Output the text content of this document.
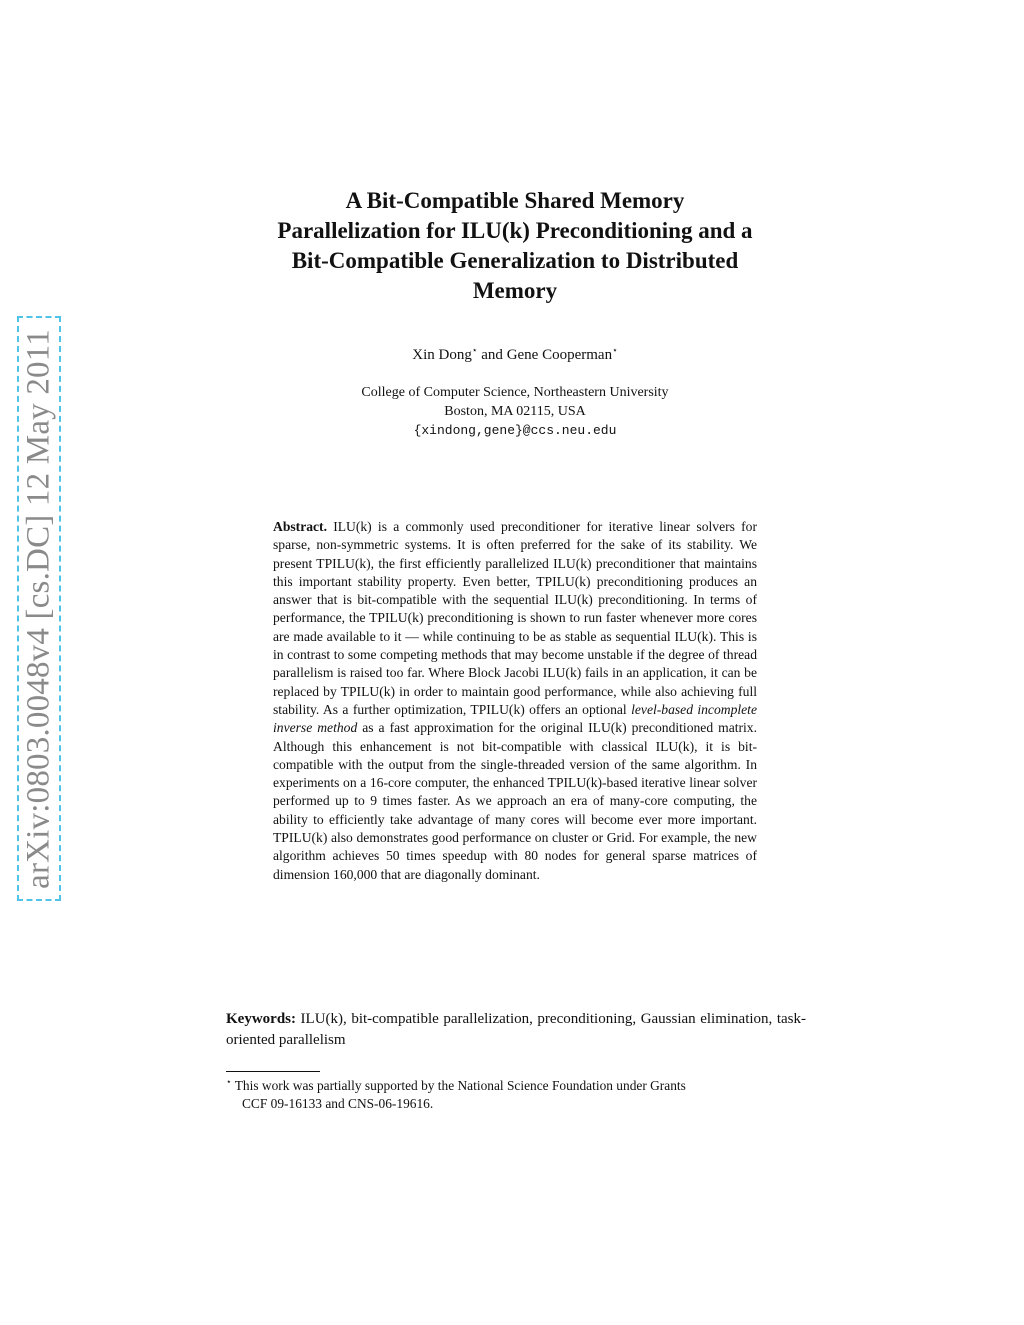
arXiv:0803.0048v4 [cs.DC] 12 May 2011
A Bit-Compatible Shared Memory
Parallelization for ILU(k) Preconditioning and a
Bit-Compatible Generalization to Distributed
Memory
Xin Dong⋆ and Gene Cooperman⋆
College of Computer Science, Northeastern University
Boston, MA 02115, USA
{xindong,gene}@ccs.neu.edu
Abstract. ILU(k) is a commonly used preconditioner for iterative linear solvers for sparse, non-symmetric systems. It is often preferred for the sake of its stability. We present TPILU(k), the first efficiently parallelized ILU(k) preconditioner that maintains this important stability property. Even better, TPILU(k) preconditioning produces an answer that is bit-compatible with the sequential ILU(k) preconditioning. In terms of performance, the TPILU(k) preconditioning is shown to run faster whenever more cores are made available to it — while continuing to be as stable as sequential ILU(k). This is in contrast to some competing methods that may become unstable if the degree of thread parallelism is raised too far. Where Block Jacobi ILU(k) fails in an application, it can be replaced by TPILU(k) in order to maintain good performance, while also achieving full stability. As a further optimization, TPILU(k) offers an optional level-based incomplete inverse method as a fast approximation for the original ILU(k) preconditioned matrix. Although this enhancement is not bit-compatible with classical ILU(k), it is bit-compatible with the output from the single-threaded version of the same algorithm. In experiments on a 16-core computer, the enhanced TPILU(k)-based iterative linear solver performed up to 9 times faster. As we approach an era of many-core computing, the ability to efficiently take advantage of many cores will become ever more important. TPILU(k) also demonstrates good performance on cluster or Grid. For example, the new algorithm achieves 50 times speedup with 80 nodes for general sparse matrices of dimension 160,000 that are diagonally dominant.
Keywords: ILU(k), bit-compatible parallelization, preconditioning, Gaussian elimination, task-oriented parallelism
⋆ This work was partially supported by the National Science Foundation under Grants
CCF 09-16133 and CNS-06-19616.
